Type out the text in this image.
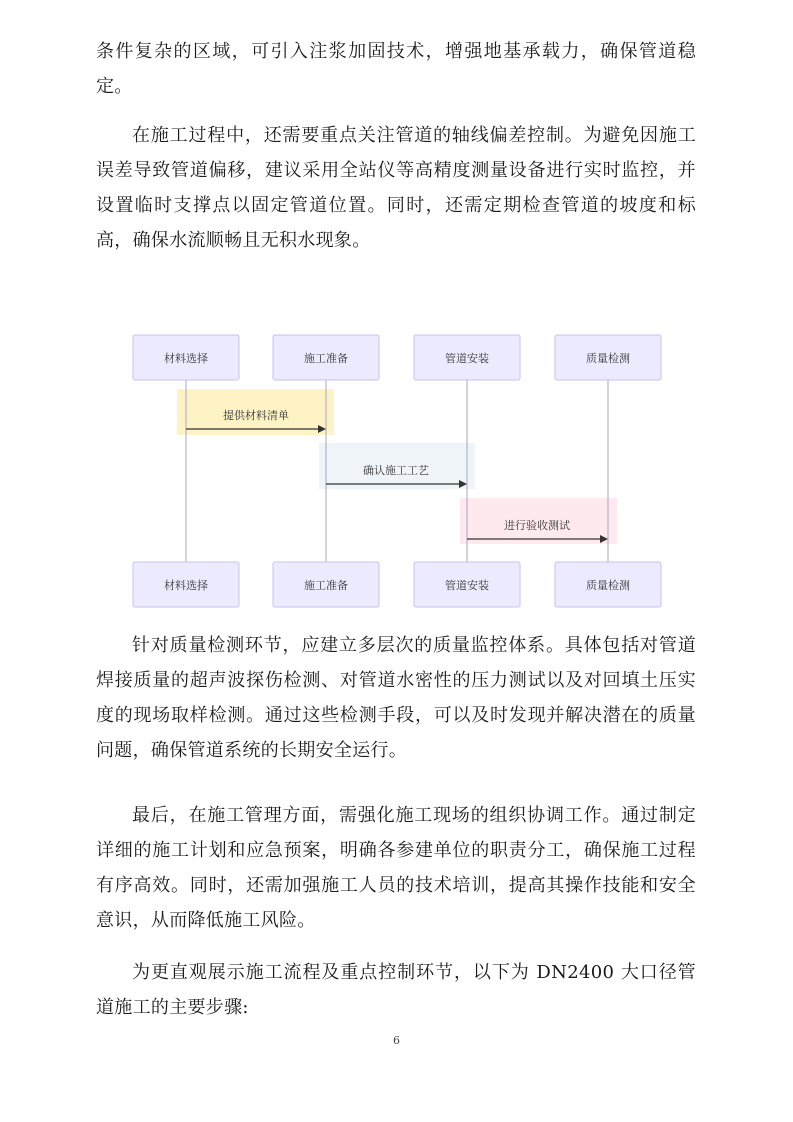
条件复杂的区域，可引入注浆加固技术，增强地基承载力，确保管道稳定。

在施工过程中，还需要重点关注管道的轴线偏差控制。为避免因施工误差导致管道偏移，建议采用全站仪等高精度测量设备进行实时监控，并设置临时支撑点以固定管道位置。同时，还需定期检查管道的坡度和标高，确保水流顺畅且无积水现象。

材料选择	施工准备	管道安装	质量检测
材料选择	施工准备	管道安装	质量检测
提供材料清单
确认施工工艺
进行验收测试

针对质量检测环节，应建立多层次的质量监控体系。具体包括对管道焊接质量的超声波探伤检测、对管道水密性的压力测试以及对回填土压实度的现场取样检测。通过这些检测手段，可以及时发现并解决潜在的质量问题，确保管道系统的长期安全运行。

最后，在施工管理方面，需强化施工现场的组织协调工作。通过制定详细的施工计划和应急预案，明确各参建单位的职责分工，确保施工过程有序高效。同时，还需加强施工人员的技术培训，提高其操作技能和安全意识，从而降低施工风险。

为更直观展示施工流程及重点控制环节，以下为 DN2400 大口径管道施工的主要步骤:

6
